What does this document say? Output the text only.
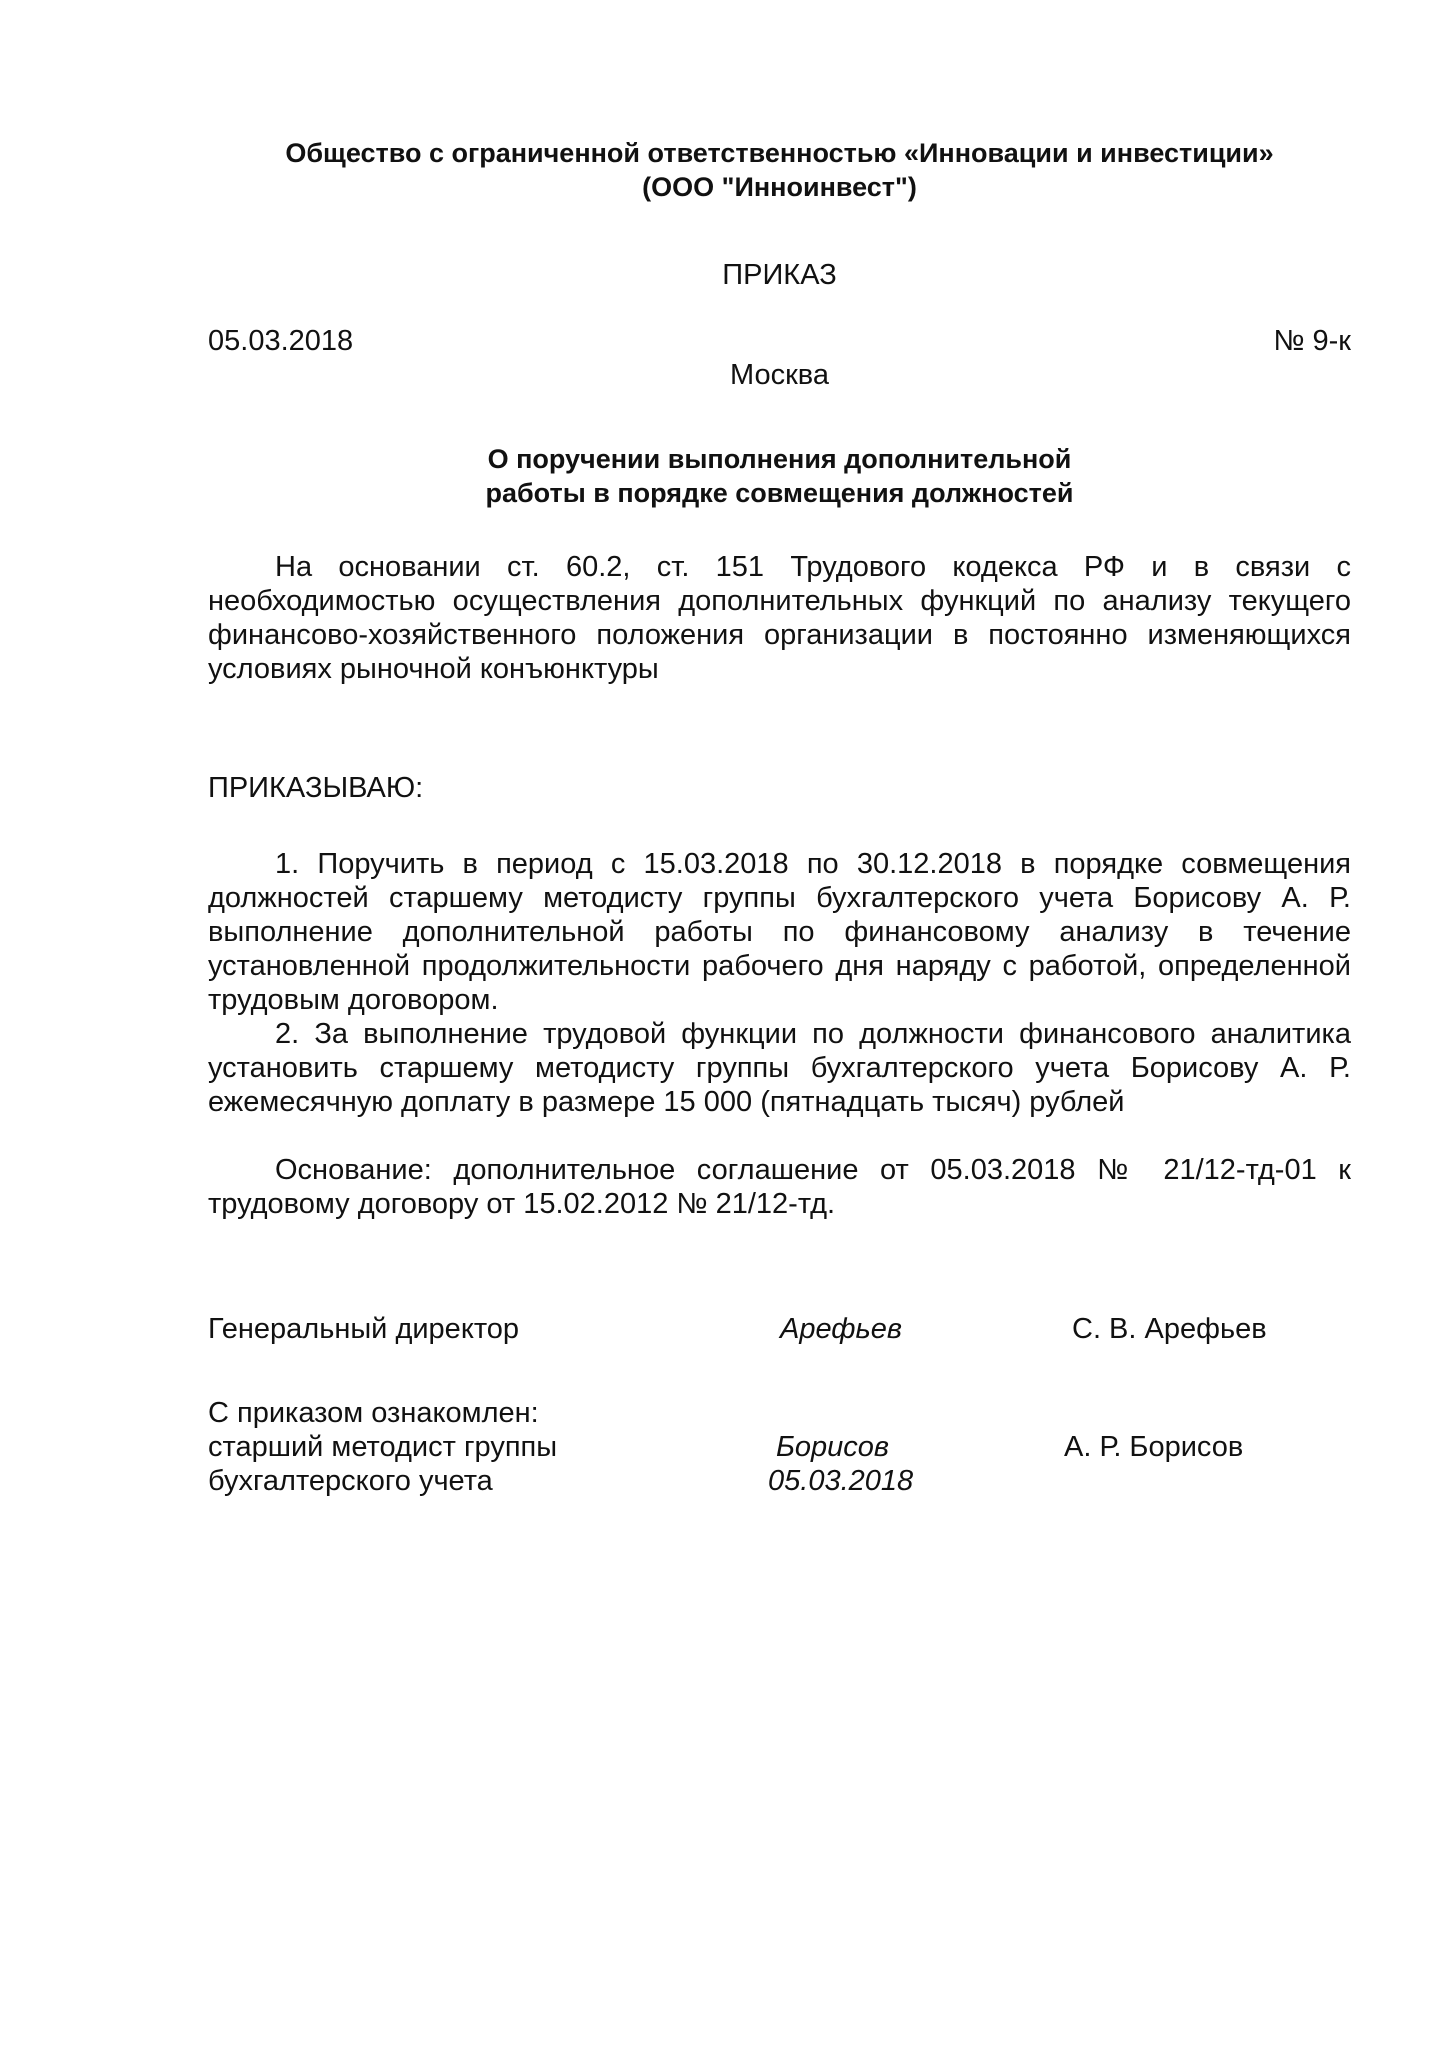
Общество с ограниченной ответственностью «Инновации и инвестиции»
(ООО "Инноинвест")

ПРИКАЗ
05.03.2018	№ 9-к
Москва
О поручении выполнения дополнительной
работы в порядке совмещения должностей

На основании ст. 60.2, ст. 151 Трудового кодекса РФ и в связи с необходимостью осуществления дополнительных функций по анализу текущего финансово-хозяйственного положения организации в постоянно изменяющихся условиях рыночной конъюнктуры

ПРИКАЗЫВАЮ:

1. Поручить в период с 15.03.2018 по 30.12.2018 в порядке совмещения должностей старшему методисту группы бухгалтерского учета Борисову А. Р. выполнение дополнительной работы по финансовому анализу в течение установленной продолжительности рабочего дня наряду с работой, определенной трудовым договором.

2. За выполнение трудовой функции по должности финансового аналитика установить старшему методисту группы бухгалтерского учета Борисову А. Р. ежемесячную доплату в размере 15 000 (пятнадцать тысяч) рублей

Основание: дополнительное соглашение от 05.03.2018 № 21/12-тд-01 к трудовому договору от 15.02.2012 № 21/12-тд.

Генеральный директор	Арефьев	С. В. Арефьев
С приказом ознакомлен:
старший методист группы	Борисов	А. Р. Борисов
бухгалтерского учета	05.03.2018
